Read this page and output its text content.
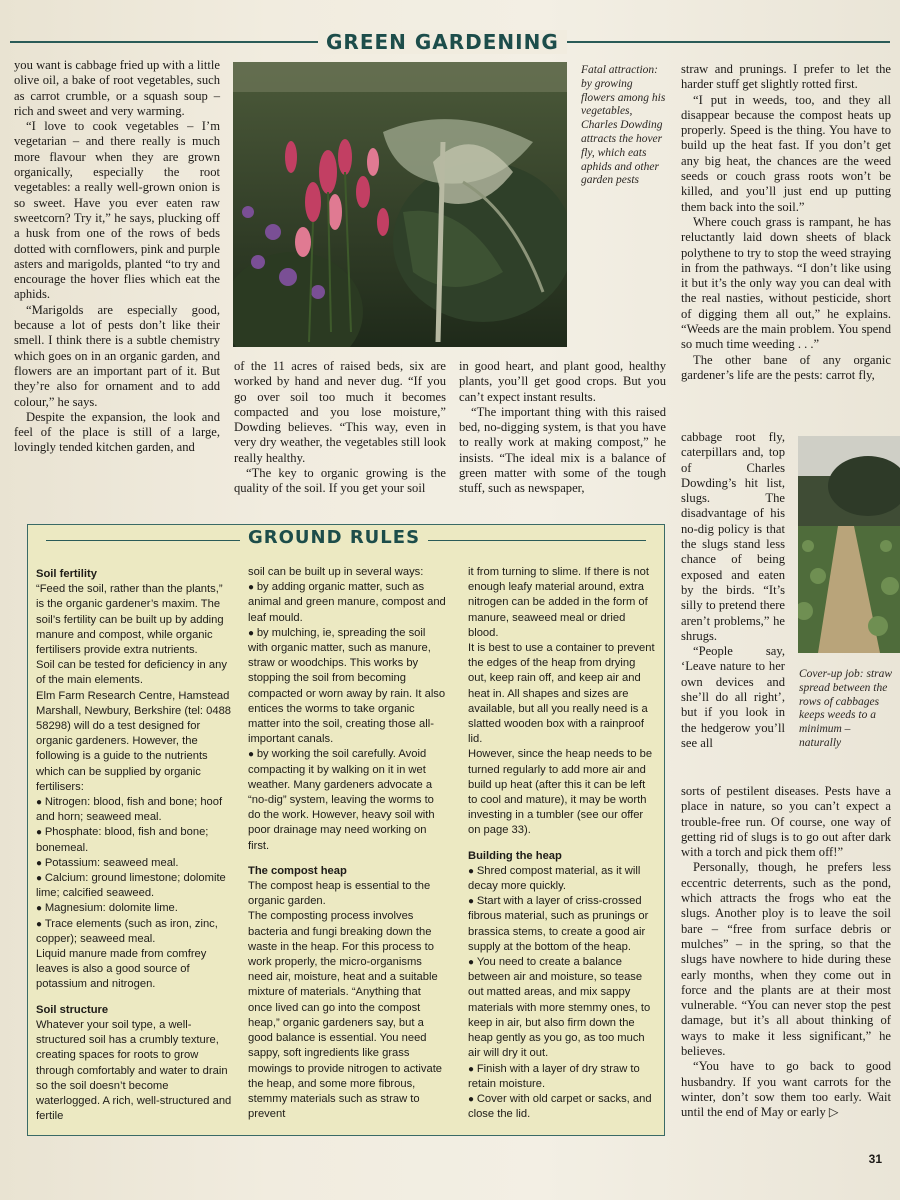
GREEN GARDENING

you want is cabbage fried up with a little olive oil, a bake of root vegetables, such as carrot crumble, or a squash soup – rich and sweet and very warming.

“I love to cook vegetables – I’m vegetarian – and there really is much more flavour when they are grown organically, especially the root vegetables: a really well-grown onion is so sweet. Have you ever eaten raw sweetcorn? Try it,” he says, plucking off a husk from one of the rows of beds dotted with cornflowers, pink and purple asters and marigolds, planted “to try and encourage the hover flies which eat the aphids.

“Marigolds are especially good, because a lot of pests don’t like their smell. I think there is a subtle chemistry which goes on in an organic garden, and flowers are an important part of it. But they’re also for ornament and to add colour,” he says.

Despite the expansion, the look and feel of the place is still of a large, lovingly tended kitchen garden, and

Fatal attraction: by growing flowers among his vegetables, Charles Dowding attracts the hover fly, which eats aphids and other garden pests

of the 11 acres of raised beds, six are worked by hand and never dug. “If you go over soil too much it becomes compacted and you lose moisture,” Dowding believes. “This way, even in very dry weather, the vegetables still look really healthy.

“The key to organic growing is the quality of the soil. If you get your soil

in good heart, and plant good, healthy plants, you’ll get good crops. But you can’t expect instant results.

“The important thing with this raised bed, no-digging system, is that you have to really work at making compost,” he insists. “The ideal mix is a balance of green matter with some of the tough stuff, such as newspaper,

straw and prunings. I prefer to let the harder stuff get slightly rotted first.

“I put in weeds, too, and they all disappear because the compost heats up properly. Speed is the thing. You have to build up the heat fast. If you don’t get any big heat, the chances are the weed seeds or couch grass roots won’t be killed, and you’ll just end up putting them back into the soil.”

Where couch grass is rampant, he has reluctantly laid down sheets of black polythene to try to stop the weed straying in from the pathways. “I don’t like using it but it’s the only way you can deal with the real nasties, without pesticide, short of digging them all out,” he explains. “Weeds are the main problem. You spend so much time weeding . . .”

The other bane of any organic gardener’s life are the pests: carrot fly,

cabbage root fly, caterpillars and, top of Charles Dowding’s hit list, slugs. The disadvantage of his no-dig policy is that the slugs stand less chance of being exposed and eaten by the birds. “It’s silly to pretend there aren’t problems,” he shrugs.

“People say, ‘Leave nature to her own devices and she’ll do all right’, but if you look in the hedgerow you’ll see all

sorts of pestilent diseases. Pests have a place in nature, so you can’t expect a trouble-free run. Of course, one way of getting rid of slugs is to go out after dark with a torch and pick them off!”

Personally, though, he prefers less eccentric deterrents, such as the pond, which attracts the frogs who eat the slugs. Another ploy is to leave the soil bare – “free from surface debris or mulches” – in the spring, so that the slugs have nowhere to hide during these early months, when they come out in force and the plants are at their most vulnerable. “You can never stop the pest damage, but it’s all about thinking of ways to make it less significant,” he believes.

“You have to go back to good husbandry. If you want carrots for the winter, don’t sow them too early. Wait until the end of May or early ▷

Cover-up job: straw spread between the rows of cabbages keeps weeds to a minimum – naturally
GROUND RULES

Soil fertility

“Feed the soil, rather than the plants,” is the organic gardener’s maxim. The soil’s fertility can be built up by adding manure and compost, while organic fertilisers provide extra nutrients.

Soil can be tested for deficiency in any of the main elements.

Elm Farm Research Centre, Hamstead Marshall, Newbury, Berkshire (tel: 0488 58298) will do a test designed for organic gardeners. However, the following is a guide to the nutrients which can be supplied by organic fertilisers:

● Nitrogen: blood, fish and bone; hoof and horn; seaweed meal.

● Phosphate: blood, fish and bone; bonemeal.

● Potassium: seaweed meal.

● Calcium: ground limestone; dolomite lime; calcified seaweed.

● Magnesium: dolomite lime.

● Trace elements (such as iron, zinc, copper); seaweed meal.

Liquid manure made from comfrey leaves is also a good source of potassium and nitrogen.

Soil structure

Whatever your soil type, a well-structured soil has a crumbly texture, creating spaces for roots to grow through comfortably and water to drain so the soil doesn’t become waterlogged. A rich, well-structured and fertile

soil can be built up in several ways:

● by adding organic matter, such as animal and green manure, compost and leaf mould.

● by mulching, ie, spreading the soil with organic matter, such as manure, straw or woodchips. This works by stopping the soil from becoming compacted or worn away by rain. It also entices the worms to take organic matter into the soil, creating those all-important canals.

● by working the soil carefully. Avoid compacting it by walking on it in wet weather. Many gardeners advocate a “no-dig” system, leaving the worms to do the work. However, heavy soil with poor drainage may need working on first.

The compost heap

The compost heap is essential to the organic garden.

The composting process involves bacteria and fungi breaking down the waste in the heap. For this process to work properly, the micro-organisms need air, moisture, heat and a suitable mixture of materials. “Anything that once lived can go into the compost heap,” organic gardeners say, but a good balance is essential. You need sappy, soft ingredients like grass mowings to provide nitrogen to activate the heap, and some more fibrous, stemmy materials such as straw to prevent

it from turning to slime. If there is not enough leafy material around, extra nitrogen can be added in the form of manure, seaweed meal or dried blood.

It is best to use a container to prevent the edges of the heap from drying out, keep rain off, and keep air and heat in. All shapes and sizes are available, but all you really need is a slatted wooden box with a rainproof lid.

However, since the heap needs to be turned regularly to add more air and build up heat (after this it can be left to cool and mature), it may be worth investing in a tumbler (see our offer on page 33).

Building the heap

● Shred compost material, as it will decay more quickly.

● Start with a layer of criss-crossed fibrous material, such as prunings or brassica stems, to create a good air supply at the bottom of the heap.

● You need to create a balance between air and moisture, so tease out matted areas, and mix sappy materials with more stemmy ones, to keep in air, but also firm down the heap gently as you go, as too much air will dry it out.

● Finish with a layer of dry straw to retain moisture.

● Cover with old carpet or sacks, and close the lid.

31
